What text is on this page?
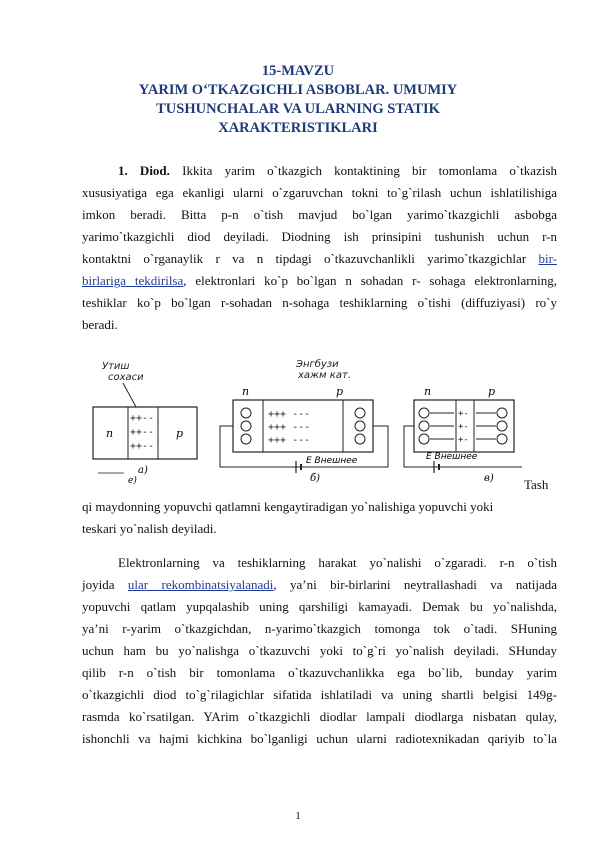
15-MAVZU
YARIM O‘TKAZGICHLI ASBOBLAR. UMUMIY
TUSHUNCHALAR VA ULARNING STATIK
XARAKTERISTIKLARI
1. Diod. Ikkita yarim o`tkazgich kontaktining bir tomonlama o`tkazish
xususiyatiga ega ekanligi ularni o`zgaruvchan tokni to`g`rilash uchun ishlatilishiga
imkon beradi. Bitta p-n o`tish mavjud bo`lgan yarimo`tkazgichli asbobga
yarimo`tkazgichli diod deyiladi. Diodning ish prinsipini tushunish uchun r-n
kontaktni o`rganaylik r va n tipdagi o`tkazuvchanlikli yarimo`tkazgichlar bir-
birlariga tekdirilsa, elektronlari ko`p bo`lgan n sohadan r- sohaga elektronlarning,
teshiklar ko`p bo`lgan r-sohadan n-sohaga teshiklarning o`tishi (diffuziyasi) ro`y
beradi.
Утиш
сохаси
n	p
++--
++--
++--
a)
e)
Энгбузи
хажм кат.
n	p
+++ ---
+++ ---
+++ ---
E Внешнее
б)
n	p
+-
+-
+-
E Внешнее
в) Tash
qi maydonning yopuvchi qatlamni kengaytiradigan yo`nalishiga yopuvchi yoki
teskari yo`nalish deyiladi.
Elektronlarning va teshiklarning harakat yo`nalishi o`zgaradi. r-n o`tish
joyida ular rekombinatsiyalanadi, ya’ni bir-birlarini neytrallashadi va natijada
yopuvchi qatlam yupqalashib uning qarshiligi kamayadi. Demak bu yo`nalishda,
ya’ni r-yarim o`tkazgichdan, n-yarimo`tkazgich tomonga tok o`tadi. SHuning
uchun ham bu yo`nalishga o`tkazuvchi yoki to`g`ri yo`nalish deyiladi. SHunday
qilib r-n o`tish bir tomonlama o`tkazuvchanlikka ega bo`lib, bunday yarim
o`tkazgichli diod to`g`rilagichlar sifatida ishlatiladi va uning shartli belgisi 149g-
rasmda ko`rsatilgan. YArim o`tkazgichli diodlar lampali diodlarga nisbatan qulay,
ishonchli va hajmi kichkina bo`lganligi uchun ularni radiotexnikadan qariyib to`la
1
